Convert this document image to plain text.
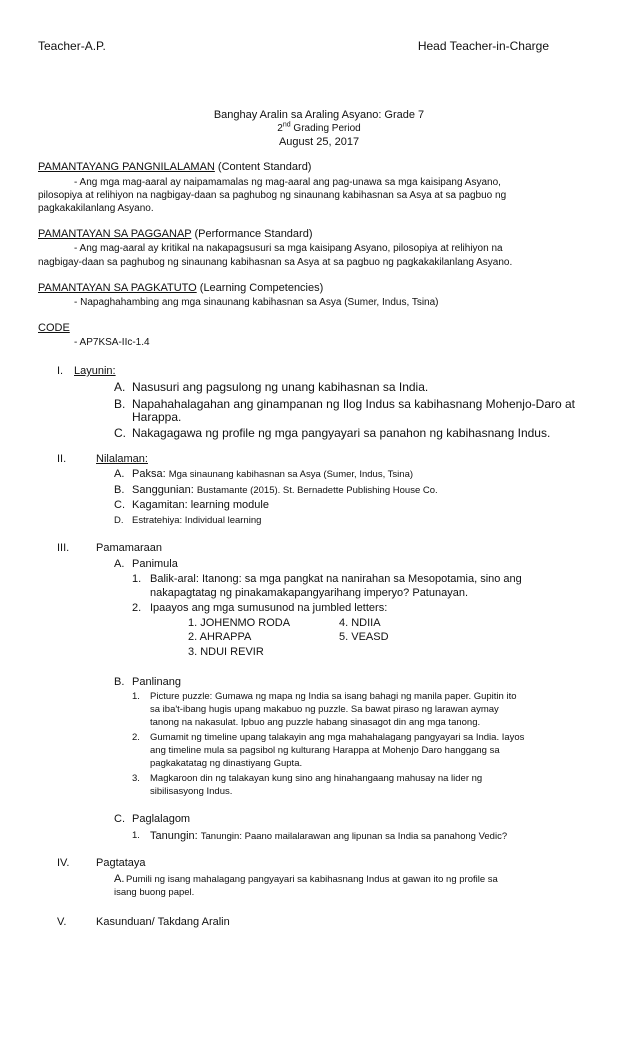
Teacher-A.P.	Head Teacher-in-Charge
Banghay Aralin sa Araling Asyano: Grade 7
2nd Grading Period
August 25, 2017
PAMANTAYANG PANGNILALAMAN (Content Standard)
- Ang mga mag-aaral ay naipamamalas ng mag-aaral ang pag-unawa sa mga kaisipang Asyano,
pilosopiya at relihiyon na nagbigay-daan sa paghubog ng sinaunang kabihasnan sa Asya at sa pagbuo ng
pagkakakilanlang Asyano.
PAMANTAYAN SA PAGGANAP (Performance Standard)
- Ang mag-aaral ay kritikal na nakapagsusuri sa mga kaisipang Asyano, pilosopiya at relihiyon na
nagbigay-daan sa paghubog ng sinaunang kabihasnan sa Asya at sa pagbuo ng pagkakakilanlang Asyano.
PAMANTAYAN SA PAGKATUTO (Learning Competencies)
- Napaghahambing ang mga sinaunang kabihasnan sa Asya (Sumer, Indus, Tsina)
CODE
- AP7KSA-IIc-1.4
I. Layunin:
A. Nasusuri ang pagsulong ng unang kabihasnan sa India.
B. Napahahalagahan ang ginampanan ng Ilog Indus sa kabihasnang Mohenjo-Daro at
Harappa.
C. Nakagagawa ng profile ng mga pangyayari sa panahon ng kabihasnang Indus.
II.	Nilalaman:
A. Paksa: Mga sinaunang kabihasnan sa Asya (Sumer, Indus, Tsina)
B. Sanggunian: Bustamante (2015). St. Bernadette Publishing House Co.
C. Kagamitan: learning module
D. Estratehiya: Individual learning
III. Pamamaraan
A. Panimula
1. Balik-aral: Itanong: sa mga pangkat na nanirahan sa Mesopotamia, sino ang
nakapagtatag ng pinakamakapangyarihang imperyo? Patunayan.
2. Ipaayos ang mga sumusunod na jumbled letters:
1. JOHENMO RODA
2. AHRAPPA
3. NDUI REVIR
4. NDIIA
5. VEASD
B. Panlinang
1. Picture puzzle: Gumawa ng mapa ng India sa isang bahagi ng manila paper. Gupitin ito
sa iba't-ibang hugis upang makabuo ng puzzle. Sa bawat piraso ng larawan aymay
tanong na nakasulat. Ipbuo ang puzzle habang sinasagot din ang mga tanong.
2. Gumamit ng timeline upang talakayin ang mga mahahalagang pangyayari sa India. Iayos
ang timeline mula sa pagsibol ng kulturang Harappa at Mohenjo Daro hanggang sa
pagkakatatag ng dinastiyang Gupta.
3. Magkaroon din ng talakayan kung sino ang hinahangaang mahusay na lider ng
sibilisasyong Indus.
C. Paglalagom
1. Tanungin: Tanungin: Paano mailalarawan ang lipunan sa India sa panahong Vedic?
IV. Pagtataya
A. Pumili ng isang mahalagang pangyayari sa kabihasnang Indus at gawan ito ng profile sa
isang buong papel.
V.	Kasunduan/ Takdang Aralin
